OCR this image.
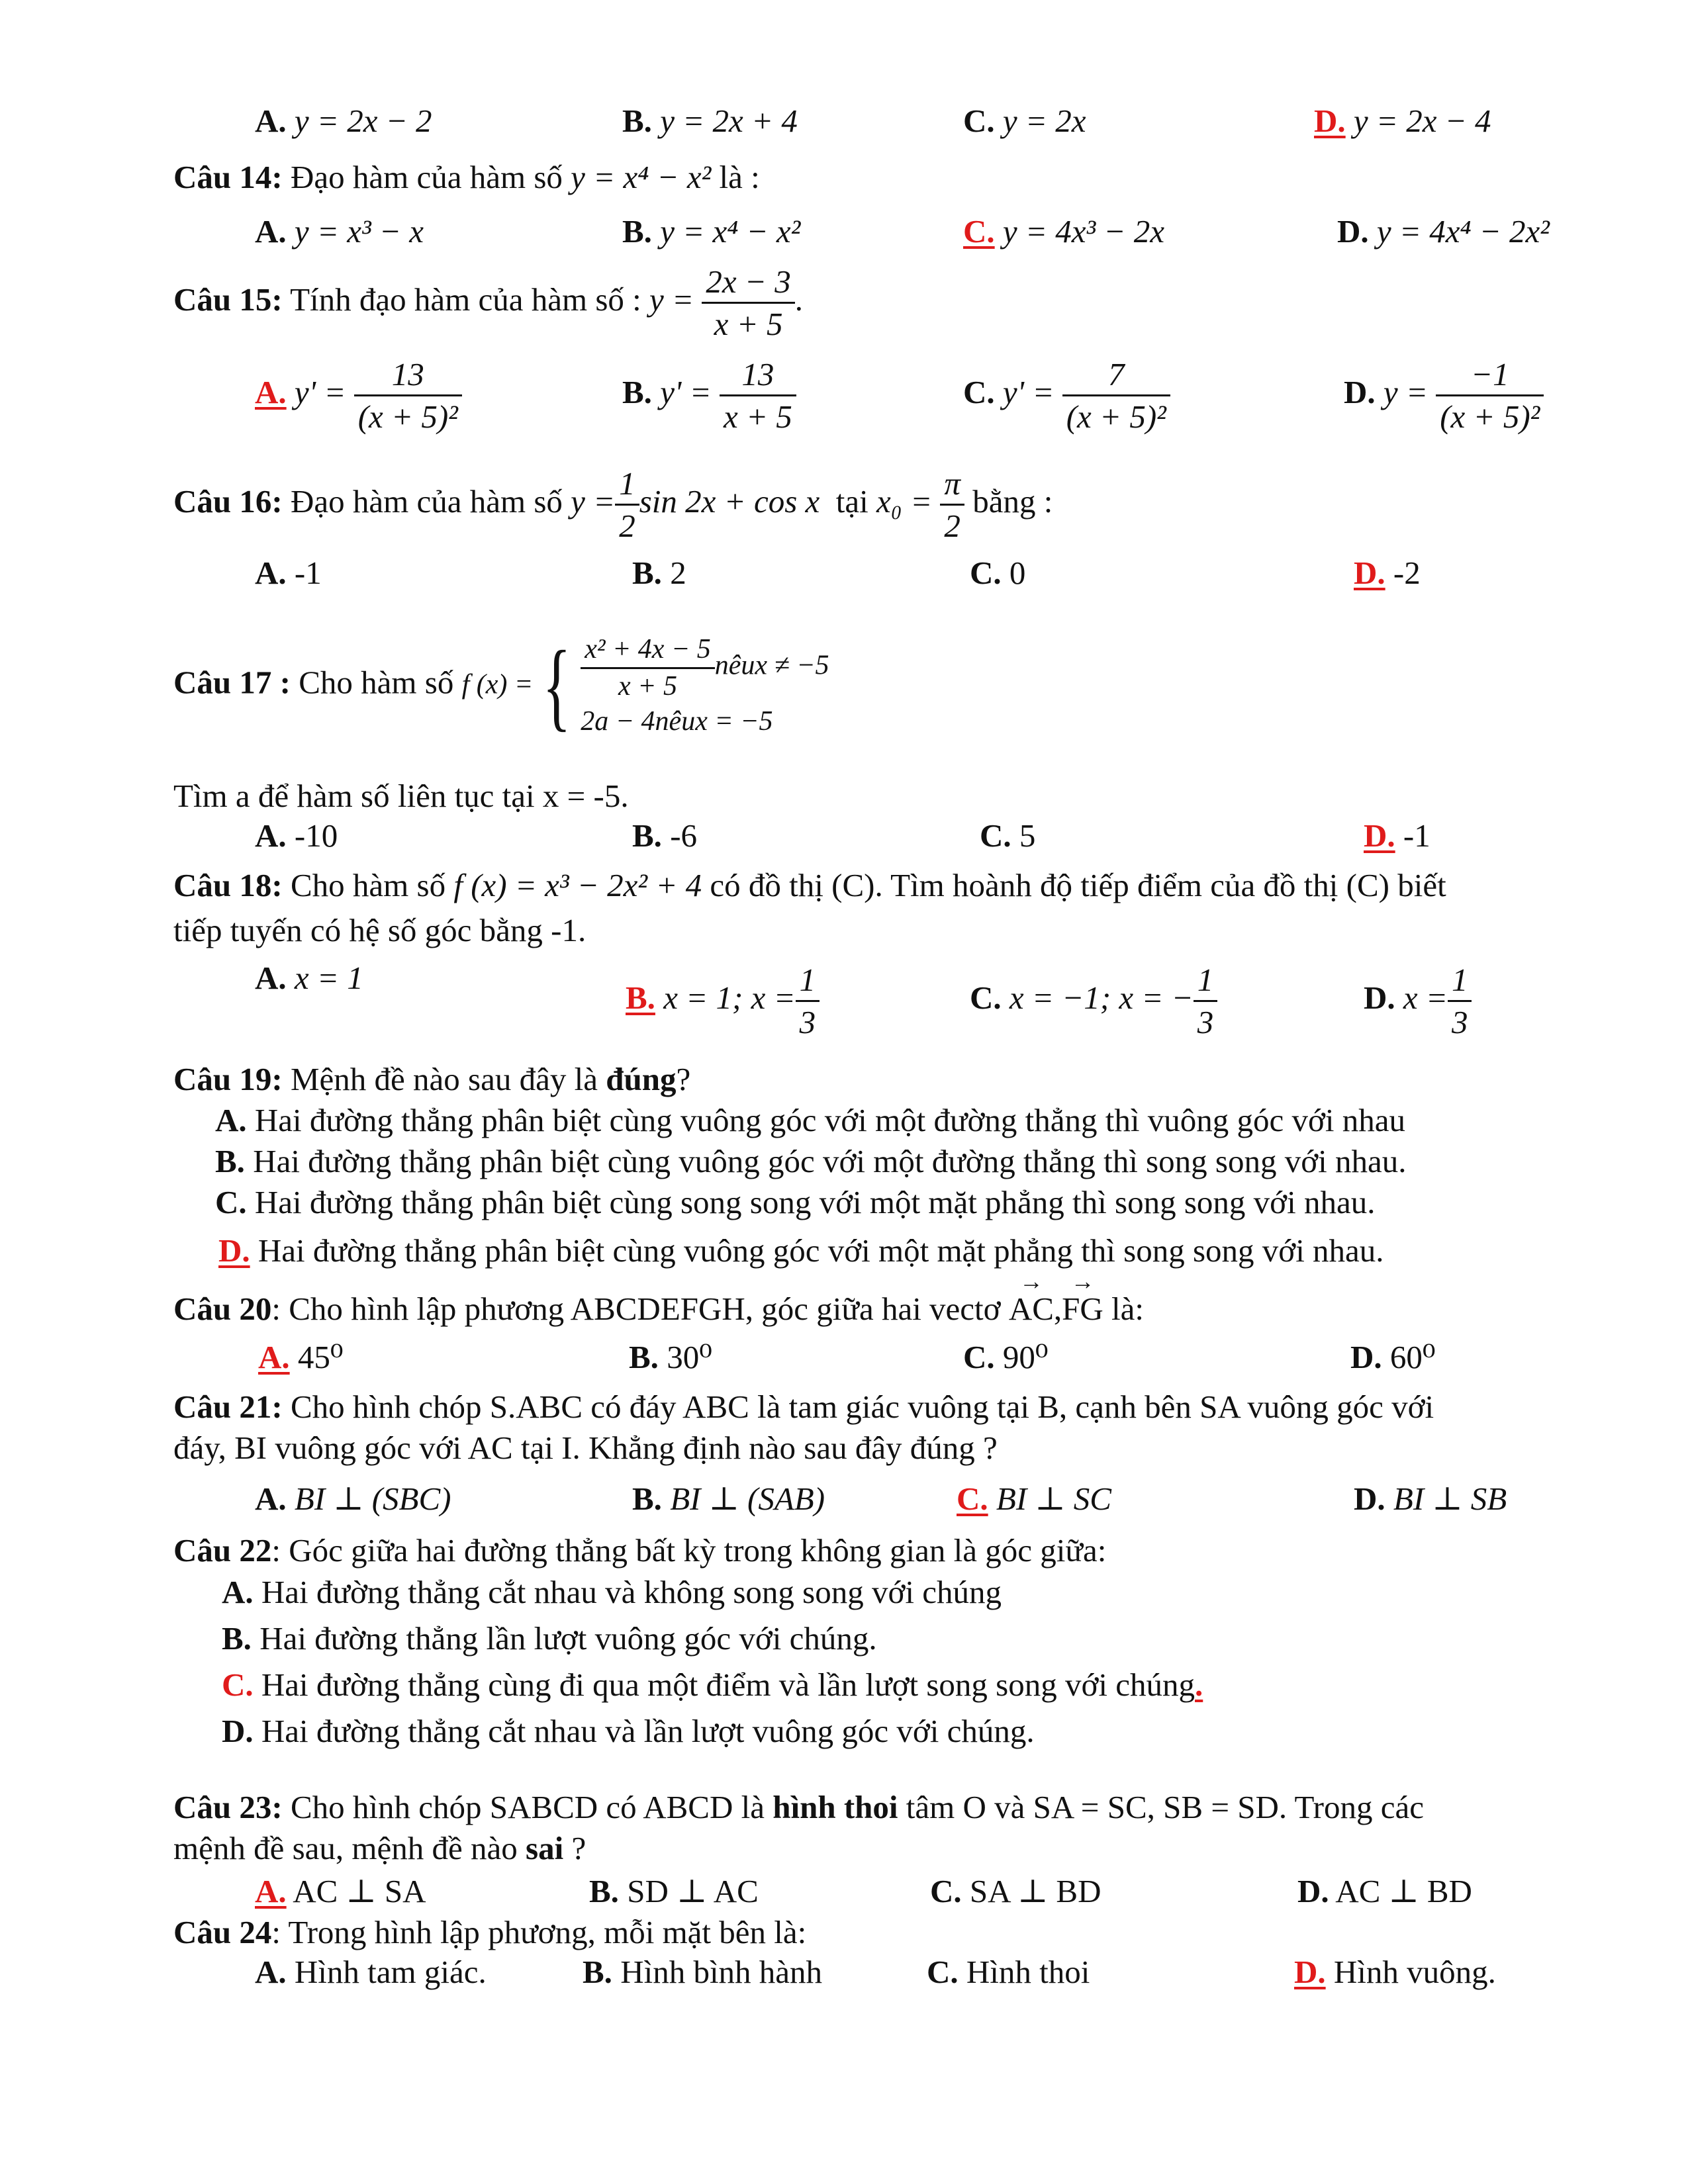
A. y = 2x − 2	B. y = 2x + 4	C. y = 2x	D. y = 2x − 4
Câu 14: Đạo hàm của hàm số y = x⁴ − x² là :
A. y = x³ − x	B. y = x⁴ − x²	C. y = 4x³ − 2x	D. y = 4x⁴ − 2x²
Câu 15: Tính đạo hàm của hàm số : $y = \frac{2x - 3}{x + 5}$ .
A. $y' = \frac{13}{\text{(x + 5)²}}$	B. $y' = \frac{13}{x + 5}$	C. $y' = \frac{7}{\text{(x + 5)²}}$	D. $y = \frac{-1}{\text{(x + 5)²}}$
Câu 16: Đạo hàm của hàm số $y = \frac{1}{2}$ sin 2x + cos x tại $x_0 = \frac{\pi}{2}$ bằng :
A. -1	B. 2	C. 0	D. -2
Câu 17 : Cho hàm số f (x) ={ $\frac{\text{x² + 4x − 5}}{x + 5}$ nêux ≠ −5
2a − 4nêux = −5
Tìm a để hàm số liên tục tại x = -5.
A. -10	B. -6	C. 5	D. -1
Câu 18: Cho hàm số f (x) = x³ − 2x² + 4 có đồ thị (C). Tìm hoành độ tiếp điểm của đồ thị (C) biết
tiếp tuyến có hệ số góc bằng -1.
A. x = 1
B. x = 1; $x = \frac{1}{3}$	C. x = −1; x = − $\frac{1}{3}$	D. $x = \frac{1}{3}$
Câu 19: Mệnh đề nào sau đây là đúng?
A. Hai đường thẳng phân biệt cùng vuông góc với một đường thẳng thì vuông góc với nhau
B. Hai đường thẳng phân biệt cùng vuông góc với một đường thẳng thì song song với nhau.
C. Hai đường thẳng phân biệt cùng song song với một mặt phẳng thì song song với nhau.
D. Hai đường thẳng phân biệt cùng vuông góc với một mặt phẳng thì song song với nhau.
Câu 20: Cho hình lập phương ABCDEFGH, góc giữa hai vectơ → AC,→ FG là:
A. 45⁰	B. 30⁰	C. 90⁰	D. 60⁰
Câu 21: Cho hình chóp S.ABC có đáy ABC là tam giác vuông tại B, cạnh bên SA vuông góc với
đáy, BI vuông góc với AC tại I. Khẳng định nào sau đây đúng ?
A. BI ⊥ (SBC)	B. BI ⊥ (SAB)	C. BI ⊥ SC	D. BI ⊥ SB
Câu 22: Góc giữa hai đường thẳng bất kỳ trong không gian là góc giữa:
A. Hai đường thẳng cắt nhau và không song song với chúng
B. Hai đường thẳng lần lượt vuông góc với chúng.
C. Hai đường thẳng cùng đi qua một điểm và lần lượt song song với chúng.
D. Hai đường thẳng cắt nhau và lần lượt vuông góc với chúng.
Câu 23: Cho hình chóp SABCD có ABCD là hình thoi tâm O và SA = SC, SB = SD. Trong các
mệnh đề sau, mệnh đề nào sai ?
A. AC ⊥ SA	B. SD ⊥ AC	C. SA ⊥ BD	D. AC ⊥ BD
Câu 24: Trong hình lập phương, mỗi mặt bên là:
A. Hình tam giác.	B. Hình bình hành	C. Hình thoi	D. Hình vuông.
